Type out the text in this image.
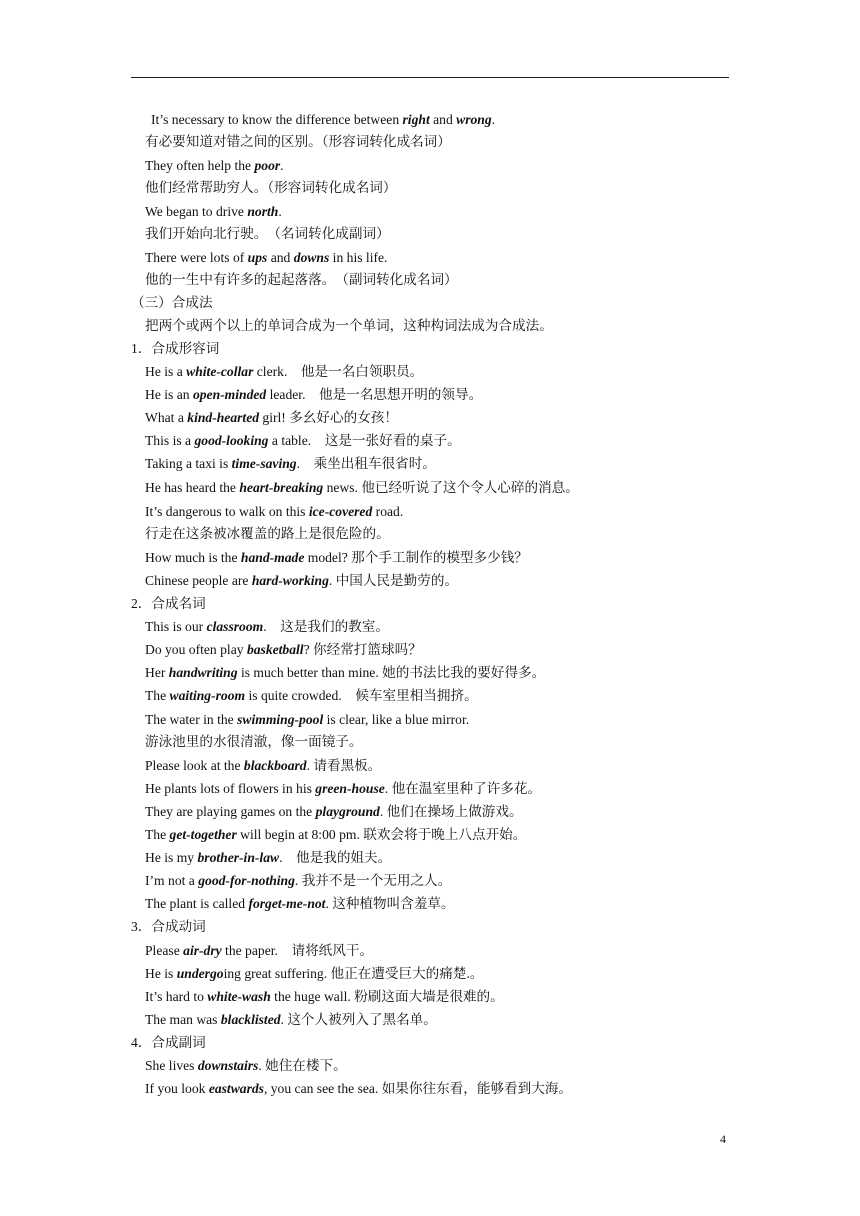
It’s necessary to know the difference between right and wrong.
有必要知道对错之间的区别。（形容词转化成名词）
They often help the poor.
他们经常帮助穷人。（形容词转化成名词）
We began to drive north.
我们开始向北行驶。　（名词转化成副词）
There were lots of ups and downs in his life.
他的一生中有许多的起起落落。　（副词转化成名词）
（三）合成法
把两个或两个以上的单词合成为一个单词，这种构词法成为合成法。
1．合成形容词
He is a white-collar clerk.　他是一名白领职员。
He is an open-minded leader.　他是一名思想开明的领导。
What a kind-hearted girl! 多幺好心的女孩！
This is a good-looking a table.　这是一张好看的桌子。
Taking a taxi is time-saving.　乘坐出租车很省时。
He has heard the heart-breaking news. 他已经听说了这个令人心碎的消息。
It’s dangerous to walk on this ice-covered road.
行走在这条被冰覆盖的路上是很危险的。
How much is the hand-made model? 那个手工制作的模型多少钱？
Chinese people are hard-working. 中国人民是勤劳的。
2．合成名词
This is our classroom.　这是我们的教室。
Do you often play basketball? 你经常打篮球吗？
Her handwriting is much better than mine. 她的书法比我的要好得多。
The waiting-room is quite crowded.　候车室里相当拥挤。
The water in the swimming-pool is clear, like a blue mirror.
游泳池里的水很清澈，像一面镜子。
Please look at the blackboard. 请看黑板。
He plants lots of flowers in his green-house. 他在温室里种了许多花。
They are playing games on the playground. 他们在操场上做游戏。
The get-together will begin at 8:00 pm. 联欢会将于晚上八点开始。
He is my brother-in-law.　他是我的姐夫。
I’m not a good-for-nothing. 我并不是一个无用之人。
The plant is called forget-me-not. 这种植物叫含羞草。
3．合成动词
Please air-dry the paper.　请将纸风干。
He is undergoing great suffering. 他正在遭受巨大的痛楚.。
It’s hard to white-wash the huge wall. 粉刷这面大墙是很难的。
The man was blacklisted. 这个人被列入了黑名单。
4．合成副词
She lives downstairs. 她住在楼下。
If you look eastwards, you can see the sea. 如果你往东看，能够看到大海。
4
